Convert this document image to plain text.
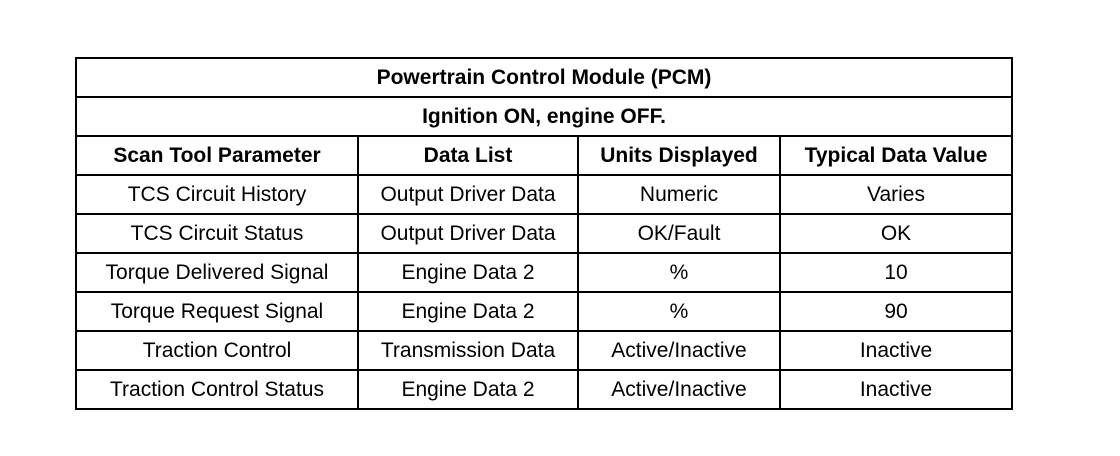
Powertrain Control Module (PCM)			
Ignition ON, engine OFF.			
Scan Tool Parameter	Data List	Units Displayed	Typical Data Value
TCS Circuit History	Output Driver Data	Numeric	Varies
TCS Circuit Status	Output Driver Data	OK/Fault	OK
Torque Delivered Signal	Engine Data 2	%	10
Torque Request Signal	Engine Data 2	%	90
Traction Control	Transmission Data	Active/Inactive	Inactive
Traction Control Status	Engine Data 2	Active/Inactive	Inactive
